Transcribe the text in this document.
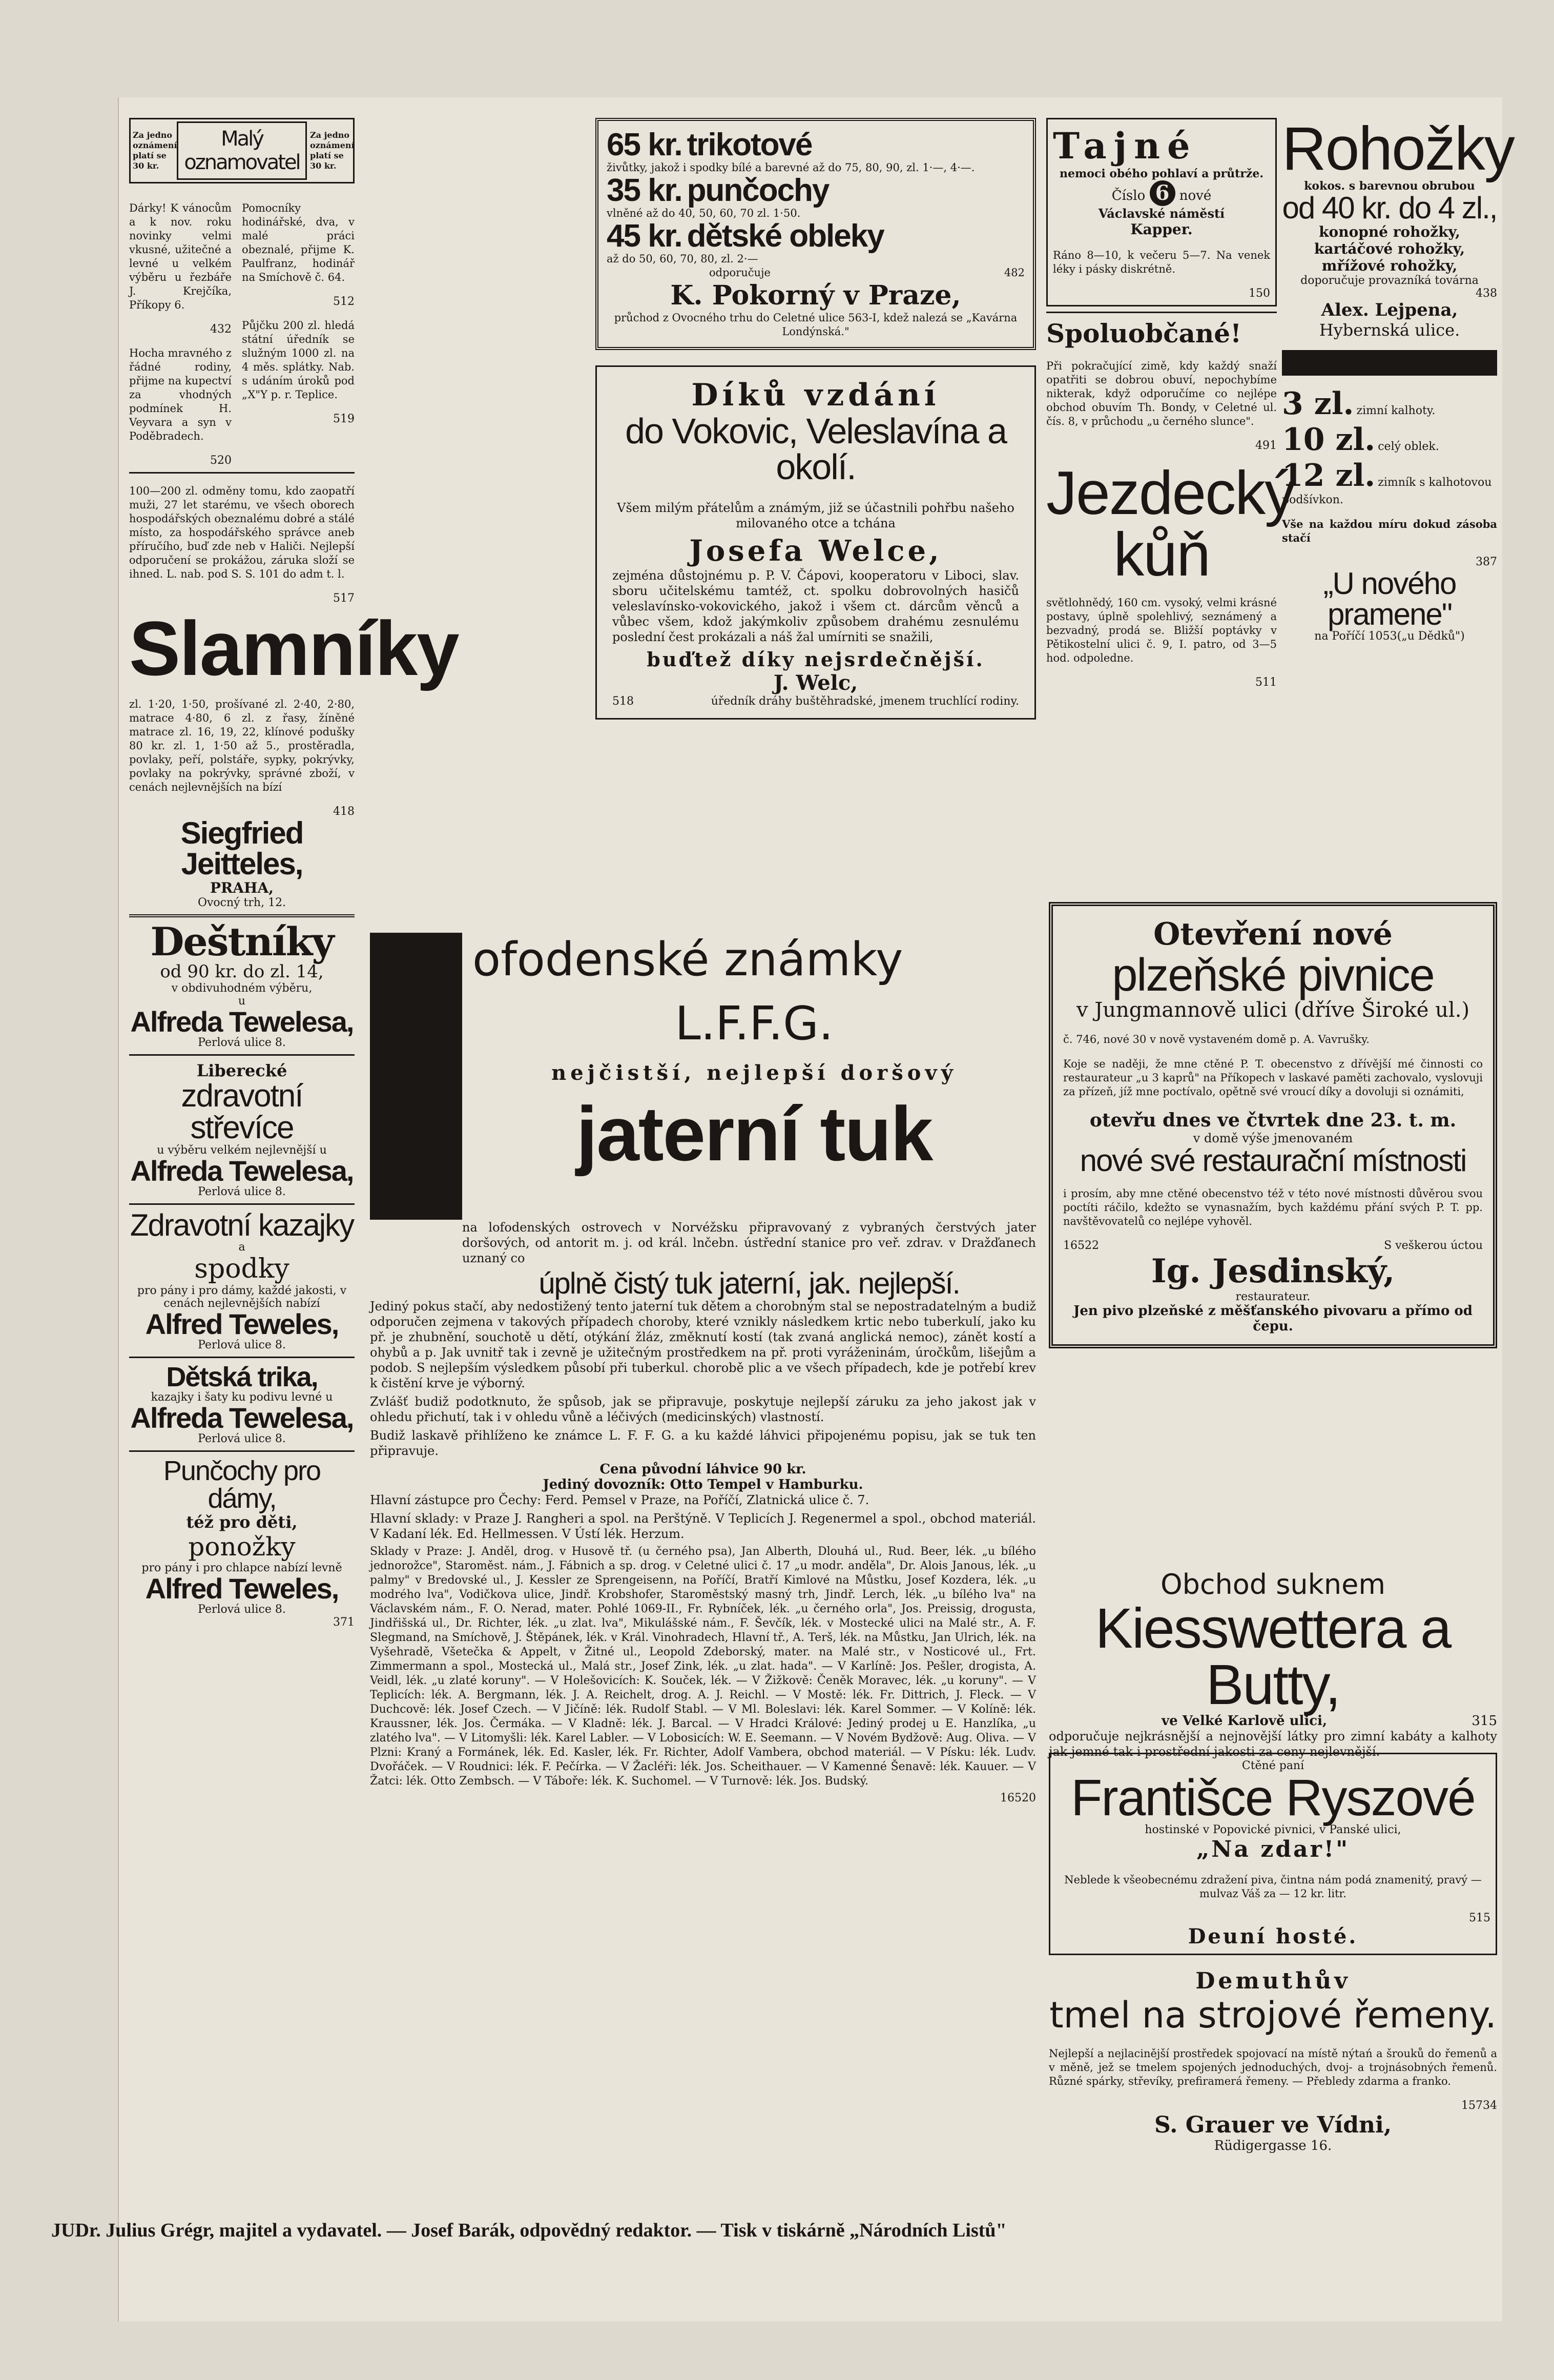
Za jedno oznámení platí se 30 kr.
Malý oznamovatel
Za jedno oznámení platí se 30 kr.

Dárky! K vánocům a k nov. roku novinky velmi vkusné, užitečné a levné u velkém výběru u řezbáře J. Krejčíka, Příkopy 6.

432

Hocha mravného z řádné rodiny, přijme na kupectví za vhodných podmínek H. Veyvara a syn v Poděbradech.

520

Pomocníky hodinářské, dva, v malé práci obeznalé, přijme K. Paulfranz, hodinář na Smíchově č. 64.

512

Půjčku 200 zl. hledá státní úředník se služným 1000 zl. na 4 měs. splátky. Nab. s udáním úroků pod „X"Y p. r. Teplice.

519

100—200 zl. odměny tomu, kdo zaopatří muži, 27 let starému, ve všech oborech hospodářských obeznalému dobré a stálé místo, za hospodářského správce aneb příručího, buď zde neb v Haliči. Nejlepší odporučení se prokážou, záruka složí se ihned. L. nab. pod S. S. 101 do adm t. l.

517
Slamníky

zl. 1·20, 1·50, prošívané zl. 2·40, 2·80, matrace 4·80, 6 zl. z řasy, žíněné matrace zl. 16, 19, 22, klínové podušky 80 kr. zl. 1, 1·50 až 5., prostěradla, povlaky, peří, polstáře, sypky, pokrývky, povlaky na pokrývky, správné zboží, v cenách nejlevnějších na bízí

418
Siegfried Jeitteles,
PRAHA,
Ovocný trh, 12.
Deštníky
od 90 kr. do zl. 14,
v obdivuhodném výběru,
u
Alfreda Tewelesa,
Perlová ulice 8.
Liberecké
zdravotní střevíce
u výběru velkém nejlevnější u
Alfreda Tewelesa,
Perlová ulice 8.
Zdravotní kazajky
a
spodky
pro pány i pro dámy, každé jakosti, v cenách nejlevnějších nabízí
Alfred Teweles,
Perlová ulice 8.
Dětská trika,
kazajky i šaty ku podivu levné u
Alfreda Tewelesa,
Perlová ulice 8.
Punčochy pro dámy,
též pro děti,
ponožky
pro pány i pro chlapce nabízí levně
Alfred Teweles,
Perlová ulice 8.
371
65 kr. trikotové
živůtky, jakož i spodky bílé a barevné až do 75, 80, 90, zl. 1·—, 4·—.
35 kr. punčochy
vlněné až do 40, 50, 60, 70 zl. 1·50.
45 kr. dětské obleky
až do 50, 60, 70, 80, zl. 2·—
odporučuje	482
K. Pokorný v Praze,
průchod z Ovocného trhu do Celetné ulice 563-I, kdež nalezá se „Kavárna Londýnská."
Díků vzdání
do Vokovic, Veleslavína a okolí.

Všem milým přátelům a známým, již se účastnili pohřbu našeho milovaného otce a tchána

Josefa Welce,

zejména důstojnému p. P. V. Čápovi, kooperatoru v Liboci, slav. sboru učitelskému tamtéž, ct. spolku dobrovolných hasičů veleslavínsko-vokovického, jakož i všem ct. dárcům věnců a vůbec všem, kdož jakýmkoliv způsobem drahému zesnulému poslední čest prokázali a náš žal umírniti se snažili,

buďtež díky nejsrdečnější.
J. Welc,
518	úředník dráhy buštěhradské, jmenem truchlící rodiny.
ofodenské známky
L.F.F.G.
nejčistší, nejlepší doršový
jaterní tuk

na lofodenských ostrovech v Norvéžsku připravovaný z vybraných čerstvých jater doršových, od antorit m. j. od král. lnčebn. ústřední stanice pro veř. zdrav. v Dražďanech uznaný co

úplně čistý tuk jaterní, jak. nejlepší.

Jediný pokus stačí, aby nedostižený tento jaterní tuk dětem a chorobným stal se nepostradatelným a budiž odporučen zejmena v takových případech choroby, které vznikly následkem krtic nebo tuberkulí, jako ku př. je zhubnění, souchotě u dětí, otýkání žláz, změknutí kostí (tak zvaná anglická nemoc), zánět kostí a ohybů a p. Jak uvnitř tak i zevně je užitečným prostředkem na př. proti vyráženinám, úročkům, lišejům a podob. S nejlepším výsledkem působí při tuberkul. chorobě plic a ve všech případech, kde je potřebí krev k čistění krve je výborný.

Zvlášť budiž podotknuto, že spůsob, jak se připravuje, poskytuje nejlepší záruku za jeho jakost jak v ohledu přichutí, tak i v ohledu vůně a léčivých (medicinských) vlastností.

Budiž laskavě přihlíženo ke známce L. F. F. G. a ku každé láhvici připojenému popisu, jak se tuk ten připravuje.

Cena původní láhvice 90 kr.
Jediný dovozník: Otto Tempel v Hamburku.

Hlavní zástupce pro Čechy: Ferd. Pemsel v Praze, na Poříčí, Zlatnická ulice č. 7.

Hlavní sklady: v Praze J. Rangheri a spol. na Perštýně. V Teplicích J. Regenermel a spol., obchod materiál. V Kadaní lék. Ed. Hellmessen. V Ústí lék. Herzum.

Sklady v Praze: J. Anděl, drog. v Husově tř. (u černého psa), Jan Alberth, Dlouhá ul., Rud. Beer, lék. „u bílého jednorožce", Staroměst. nám., J. Fábnich a sp. drog. v Celetné ulici č. 17 „u modr. anděla", Dr. Alois Janous, lék. „u palmy" v Bredovské ul., J. Kessler ze Sprengeisenn, na Poříčí, Bratří Kimlové na Můstku, Josef Kozdera, lék. „u modrého lva", Vodičkova ulice, Jindř. Krobshofer, Staroměstský masný trh, Jindř. Lerch, lék. „u bílého lva" na Václavském nám., F. O. Nerad, mater. Pohlé 1069-II., Fr. Rybníček, lék. „u černého orla", Jos. Preissig, drogusta, Jindřišská ul., Dr. Richter, lék. „u zlat. lva", Mikulášské nám., F. Ševčík, lék. v Mostecké ulici na Malé str., A. F. Slegmand, na Smíchově, J. Štěpánek, lék. v Král. Vinohradech, Hlavní tř., A. Terš, lék. na Můstku, Jan Ulrich, lék. na Vyšehradě, Všetečka & Appelt, v Žitné ul., Leopold Zdeborský, mater. na Malé str., v Nosticové ul., Frt. Zimmermann a spol., Mostecká ul., Malá str., Josef Zink, lék. „u zlat. hada". — V Karlíně: Jos. Pešler, drogista, A. Veidl, lék. „u zlaté koruny". — V Holešovicích: K. Souček, lék. — V Žižkově: Čeněk Moravec, lék. „u koruny". — V Teplicích: lék. A. Bergmann, lék. J. A. Reichelt, drog. A. J. Reichl. — V Mostě: lék. Fr. Dittrich, J. Fleck. — V Duchcově: lék. Josef Czech. — V Jičíně: lék. Rudolf Stabl. — V Ml. Boleslavi: lék. Karel Sommer. — V Kolíně: lék. Kraussner, lék. Jos. Čermáka. — V Kladně: lék. J. Barcal. — V Hradci Králové: Jediný prodej u E. Hanzlíka, „u zlatého lva". — V Litomyšli: lék. Karel Labler. — V Lobosicích: W. E. Seemann. — V Novém Bydžově: Aug. Oliva. — V Plzni: Kraný a Formánek, lék. Ed. Kasler, lék. Fr. Richter, Adolf Vambera, obchod materiál. — V Písku: lék. Ludv. Dvořáček. — V Roudnici: lék. F. Pečírka. — V Žacléři: lék. Jos. Scheithauer. — V Kamenné Šenavě: lék. Kauuer. — V Žatci: lék. Otto Zembsch. — V Táboře: lék. K. Suchomel. — V Turnově: lék. Jos. Budský.

16520
Tajné
nemoci obého pohlaví a průtrže.
Číslo 6 nové
Václavské náměstí
Kapper.

Ráno 8—10, k večeru 5—7. Na venek léky i pásky diskrétně.

150
Spoluobčané!

Při pokračující zimě, kdy každý snaží opatřiti se dobrou obuví, nepochybíme nikterak, když odporučíme co nejlépe obchod obuvím Th. Bondy, v Celetné ul. čís. 8, v průchodu „u černého slunce".

491
Jezdecký kůň

světlohnědý, 160 cm. vysoký, velmi krásné postavy, úplně spolehlivý, seznámený a bezvadný, prodá se. Bližší poptávky v Pětikostelní ulici č. 9, I. patro, od 3—5 hod. odpoledne.

511
Rohožky
kokos. s barevnou obrubou
od 40 kr. do 4 zl.,
konopné rohožky, kartáčové rohožky, mřížové rohožky,
doporučuje provazníká továrna
438
Alex. Lejpena,
Hybernská ulice.
3 zl. zimní kalhoty.
10 zl. celý oblek.
12 zl. zimník s kalhotovou podšívkon.

Vše na každou míru dokud zásoba stačí

387
„U nového pramene"
na Poříčí 1053(„u Dědků")
Otevření nové
plzeňské pivnice
v Jungmannově ulici (dříve Široké ul.)

č. 746, nové 30 v nově vystaveném domě p. A. Vavrušky.

Koje se naději, že mne ctěné P. T. obecenstvo z dřívější mé činnosti co restaurateur „u 3 kaprů" na Příkopech v laskavé paměti zachovalo, vyslovuji za přízeň, jíž mne poctívalo, opětně své vroucí díky a dovoluji si oznámiti,

otevřu dnes ve čtvrtek dne 23. t. m.
v domě výše jmenovaném
nové své restaurační místnosti

i prosím, aby mne ctěné obecenstvo též v této nové místnosti důvěrou svou poctíti ráčilo, kdežto se vynasnažím, bych každému přání svých P. T. pp. navštěvovatelů co nejlépe vyhověl.

16522	S veškerou úctou
Ig. Jesdinský,
restaurateur.
Jen pivo plzeňské z měšťanského pivovaru a přímo od čepu.
Obchod suknem
Kiesswettera a Butty,
ve Velké Karlově ulici,	315

odporučuje nejkrásnější a nejnovější látky pro zimní kabáty a kalhoty jak jemné tak i prostřední jakosti za ceny nejlevnější.

Ctěné paní
Františce Ryszové
hostinské v Popovické pivnici, v Panské ulici,
„Na zdar!"

Neblede k všeobecnému zdražení piva, čintna nám podá znamenitý, pravý — mulvaz Váš za — 12 kr. litr.

515
Deuní hosté.
Demuthův
tmel na strojové řemeny.

Nejlepší a nejlacinější prostředek spojovací na místě nýtań a šrouků do řemenů a v měně, jež se tmelem spojených jednoduchých, dvoj- a trojnásobných řemenů. Různé spárky, střevíky, prefiramerá řemeny. — Přebledy zdarma a franko.

15734
S. Grauer ve Vídni,
Rüdigergasse 16.
JUDr. Julius Grégr, majitel a vydavatel. — Josef Barák, odpovědný redaktor. — Tisk v tiskárně „Národních Listů"
